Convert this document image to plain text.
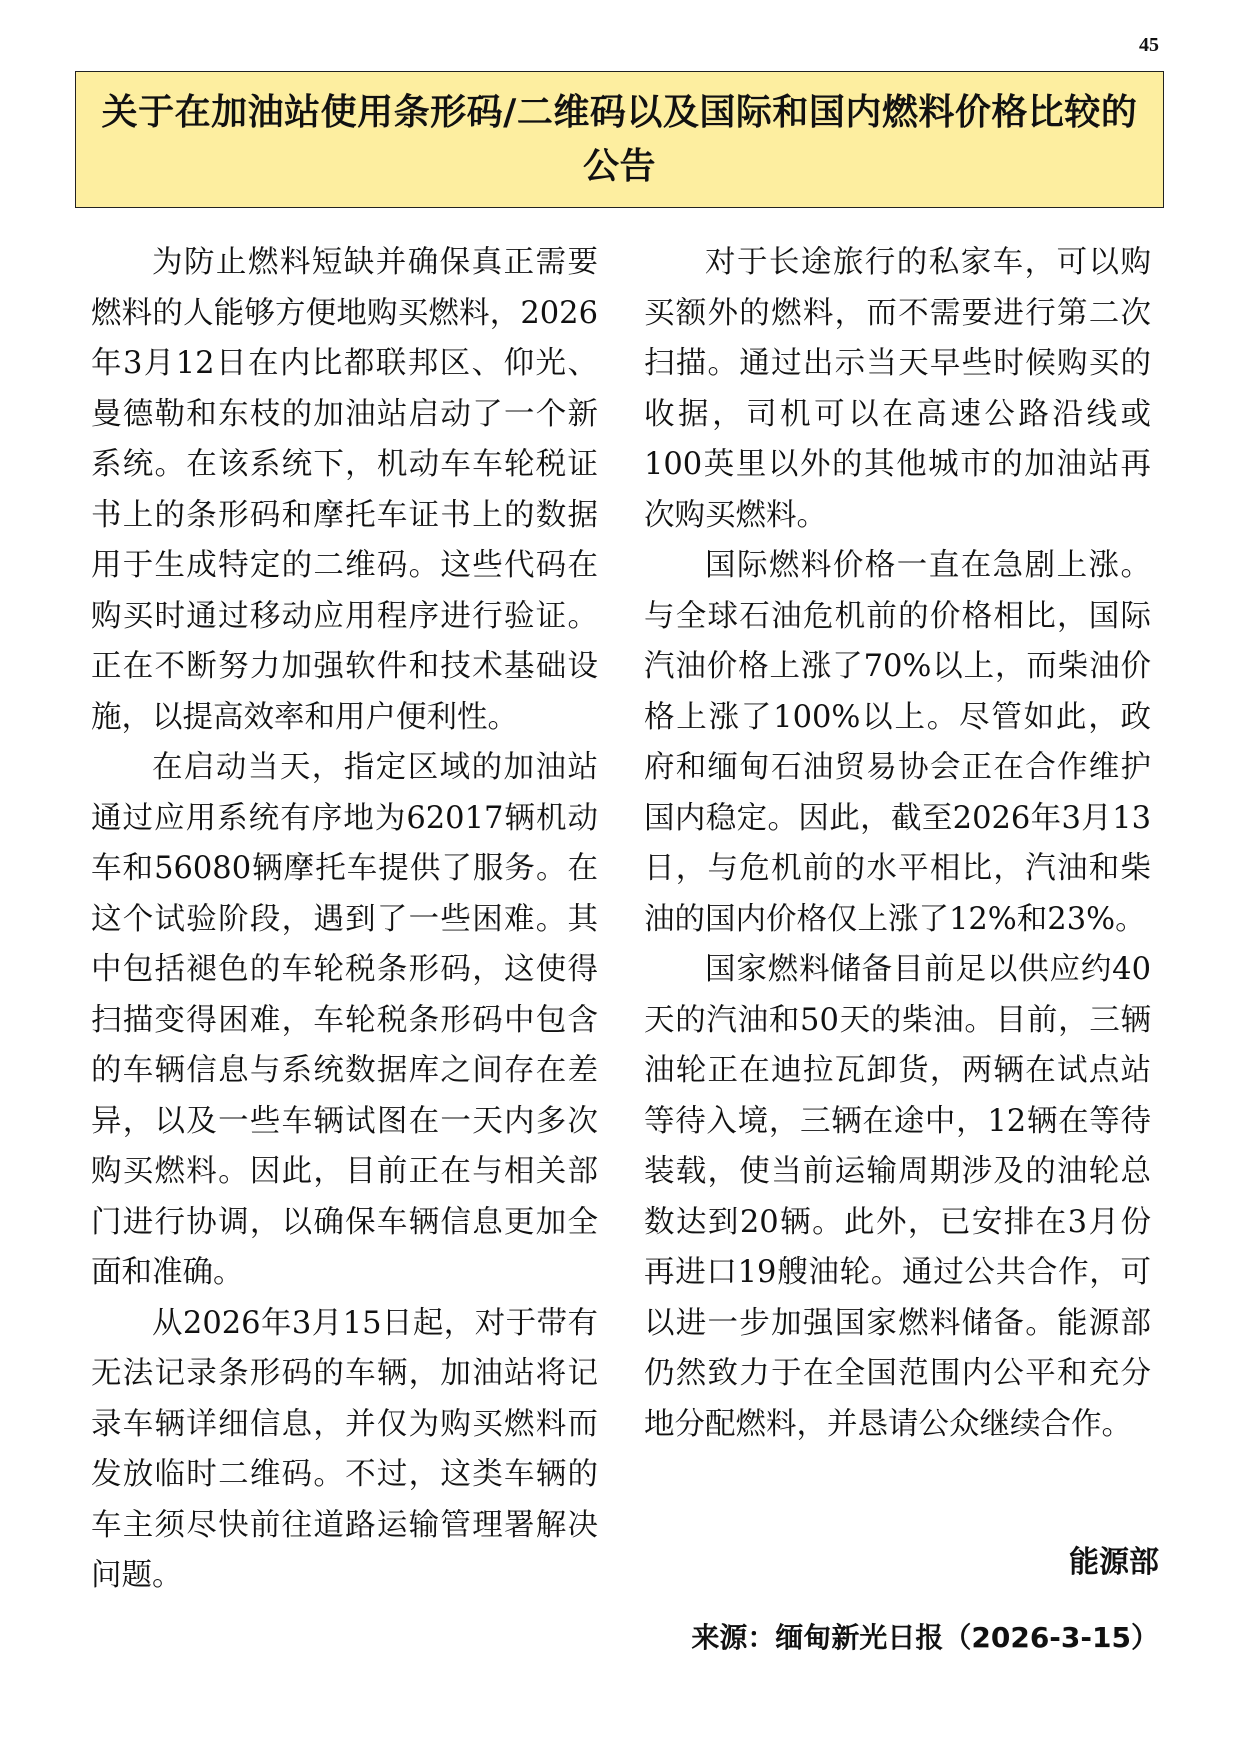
45
关于在加油站使用条形码/二维码以及国际和国内燃料价格比较的公告

为防止燃料短缺并确保真正需要燃料的人能够方便地购买燃料，2026年3月12日在内比都联邦区、仰光、曼德勒和东枝的加油站启动了一个新系统。在该系统下，机动车车轮税证书上的条形码和摩托车证书上的数据用于生成特定的二维码。这些代码在购买时通过移动应用程序进行验证。正在不断努力加强软件和技术基础设施，以提高效率和用户便利性。

在启动当天，指定区域的加油站通过应用系统有序地为62017辆机动车和56080辆摩托车提供了服务。在这个试验阶段，遇到了一些困难。其中包括褪色的车轮税条形码，这使得扫描变得困难，车轮税条形码中包含的车辆信息与系统数据库之间存在差异，以及一些车辆试图在一天内多次购买燃料。因此，目前正在与相关部门进行协调，以确保车辆信息更加全面和准确。

从2026年3月15日起，对于带有无法记录条形码的车辆，加油站将记录车辆详细信息，并仅为购买燃料而发放临时二维码。不过，这类车辆的车主须尽快前往道路运输管理署解决问题。

对于长途旅行的私家车，可以购买额外的燃料，而不需要进行第二次扫描。通过出示当天早些时候购买的收据，司机可以在高速公路沿线或100英里以外的其他城市的加油站再次购买燃料。

国际燃料价格一直在急剧上涨。与全球石油危机前的价格相比，国际汽油价格上涨了70%以上，而柴油价格上涨了100%以上。尽管如此，政府和缅甸石油贸易协会正在合作维护国内稳定。因此，截至2026年3月13日，与危机前的水平相比，汽油和柴油的国内价格仅上涨了12%和23%。

国家燃料储备目前足以供应约40天的汽油和50天的柴油。目前，三辆油轮正在迪拉瓦卸货，两辆在试点站等待入境，三辆在途中，12辆在等待装载，使当前运输周期涉及的油轮总数达到20辆。此外，已安排在3月份再进口19艘油轮。通过公共合作，可以进一步加强国家燃料储备。能源部仍然致力于在全国范围内公平和充分地分配燃料，并恳请公众继续合作。

能源部
来源：缅甸新光日报（2026-3-15）
